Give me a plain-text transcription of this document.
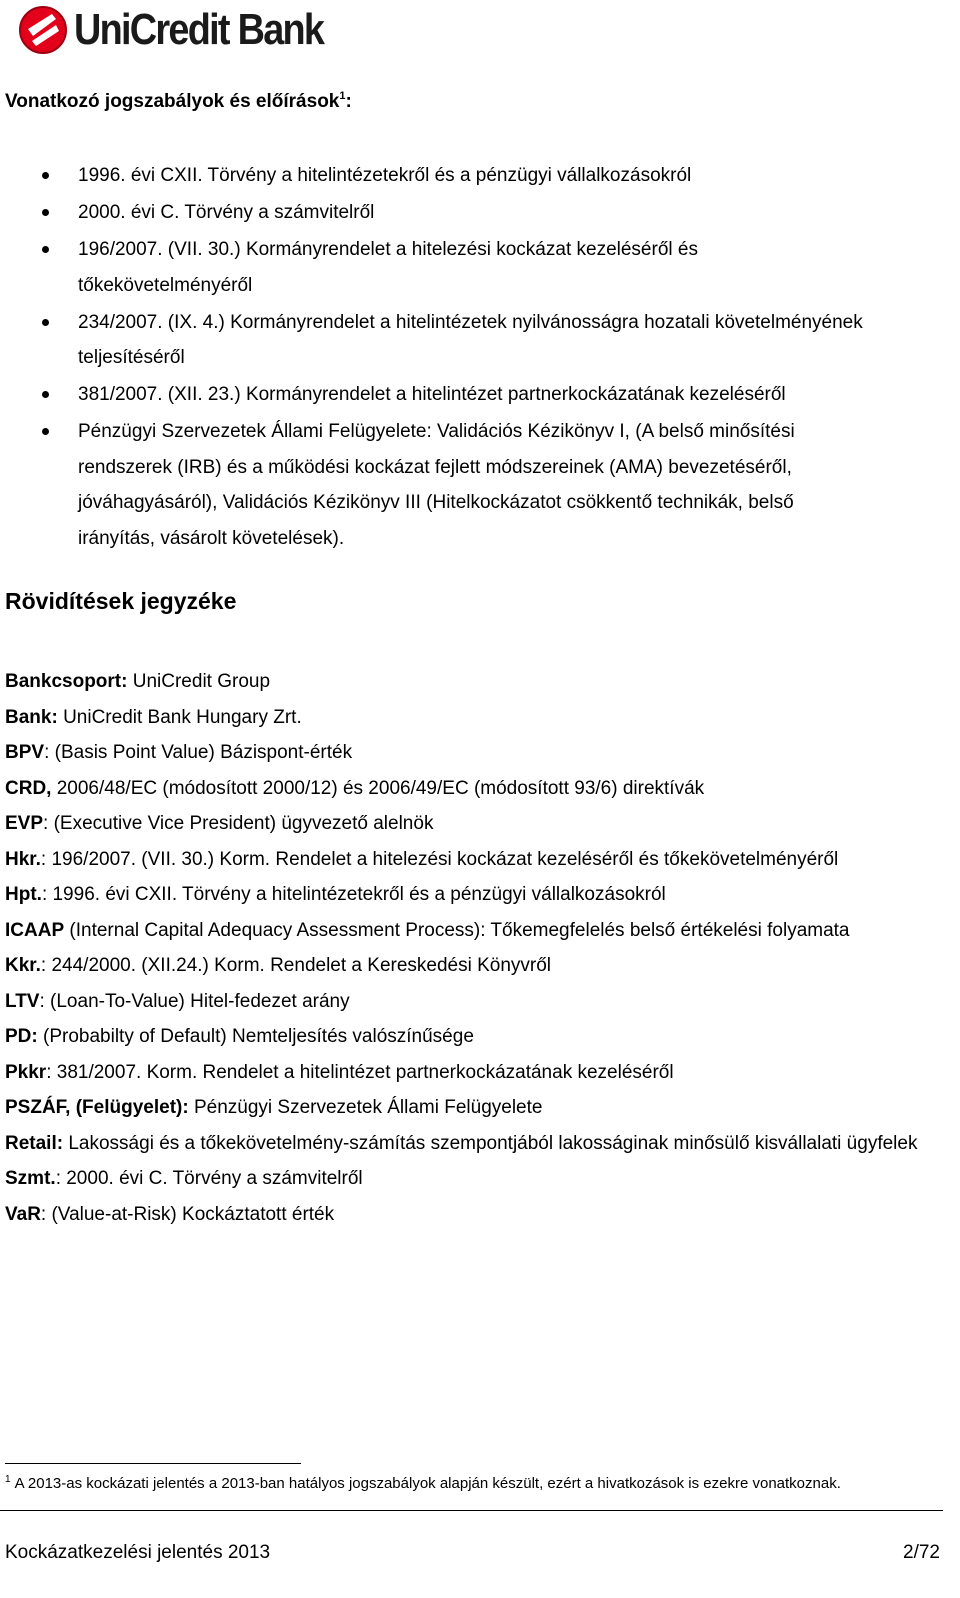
UniCredit Bank
Vonatkozó jogszabályok és előírások$^1$:
1996. évi CXII. Törvény a hitelintézetekről és a pénzügyi vállalkozásokról
2000. évi C. Törvény a számvitelről
196/2007. (VII. 30.) Kormányrendelet a hitelezési kockázat kezeléséről és tőkekövetelményéről
234/2007. (IX. 4.) Kormányrendelet a hitelintézetek nyilvánosságra hozatali követelményének teljesítéséről
381/2007. (XII. 23.) Kormányrendelet a hitelintézet partnerkockázatának kezeléséről
Pénzügyi Szervezetek Állami Felügyelete: Validációs Kézikönyv I, (A belső minősítési rendszerek (IRB) és a működési kockázat fejlett módszereinek (AMA) bevezetéséről, jóváhagyásáról), Validációs Kézikönyv III (Hitelkockázatot csökkentő technikák, belső irányítás, vásárolt követelések).
Rövidítések jegyzéke
Bankcsoport: UniCredit Group
Bank: UniCredit Bank Hungary Zrt.
BPV: (Basis Point Value) Bázispont-érték
CRD, 2006/48/EC (módosított 2000/12) és 2006/49/EC (módosított 93/6) direktívák
EVP: (Executive Vice President) ügyvezető alelnök
Hkr.: 196/2007. (VII. 30.) Korm. Rendelet a hitelezési kockázat kezeléséről és tőkekövetelményéről
Hpt.: 1996. évi CXII. Törvény a hitelintézetekről és a pénzügyi vállalkozásokról
ICAAP (Internal Capital Adequacy Assessment Process): Tőkemegfelelés belső értékelési folyamata
Kkr.: 244/2000. (XII.24.) Korm. Rendelet a Kereskedési Könyvről
LTV: (Loan-To-Value) Hitel-fedezet arány
PD: (Probabilty of Default) Nemteljesítés valószínűsége
Pkkr: 381/2007. Korm. Rendelet a hitelintézet partnerkockázatának kezeléséről
PSZÁF, (Felügyelet): Pénzügyi Szervezetek Állami Felügyelete
Retail: Lakossági és a tőkekövetelmény-számítás szempontjából lakosságinak minősülő kisvállalati ügyfelek
Szmt.: 2000. évi C. Törvény a számvitelről
VaR: (Value-at-Risk) Kockáztatott érték
$^1$ A 2013-as kockázati jelentés a 2013-ban hatályos jogszabályok alapján készült, ezért a hivatkozások is ezekre vonatkoznak.
Kockázatkezelési jelentés 2013	2/72
